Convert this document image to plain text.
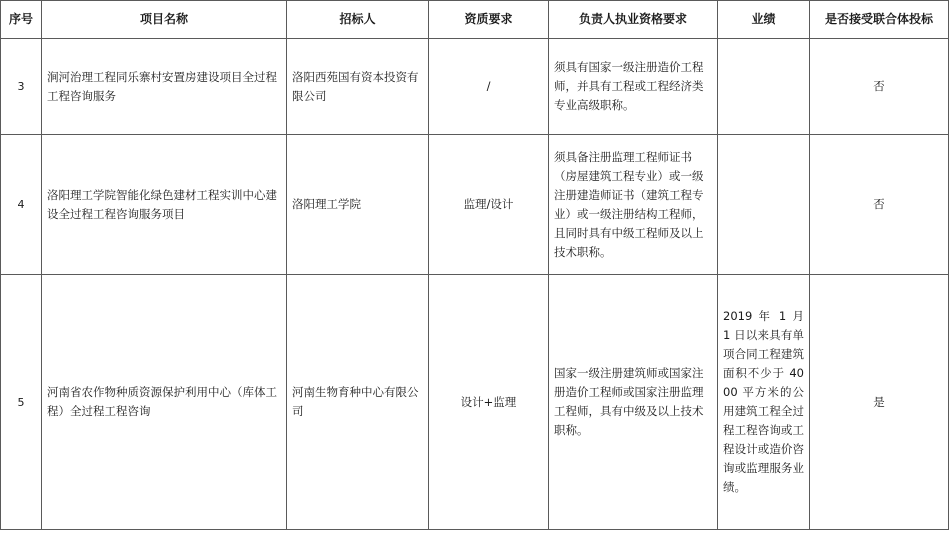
序号	项目名称	招标人	资质要求	负责人执业资格要求	业绩	是否接受联合体投标
3	涧河治理工程同乐寨村安置房建设项目全过程工程咨询服务	洛阳西苑国有资本投资有限公司	/	须具有国家一级注册造价工程师，并具有工程或工程经济类专业高级职称。		否
4	洛阳理工学院智能化绿色建材工程实训中心建设全过程工程咨询服务项目	洛阳理工学院	监理/设计	须具备注册监理工程师证书（房屋建筑工程专业）或一级注册建造师证书（建筑工程专业）或一级注册结构工程师，且同时具有中级工程师及以上技术职称。		否
5	河南省农作物种质资源保护利用中心（库体工程）全过程工程咨询	河南生物育种中心有限公司	设计+监理	国家一级注册建筑师或国家注册造价工程师或国家注册监理工程师，具有中级及以上技术职称。	2019 年 1 月 1 日以来具有单项合同工程建筑面积不少于 4000 平方米的公用建筑工程全过程工程咨询或工程设计或造价咨询或监理服务业绩。	是
